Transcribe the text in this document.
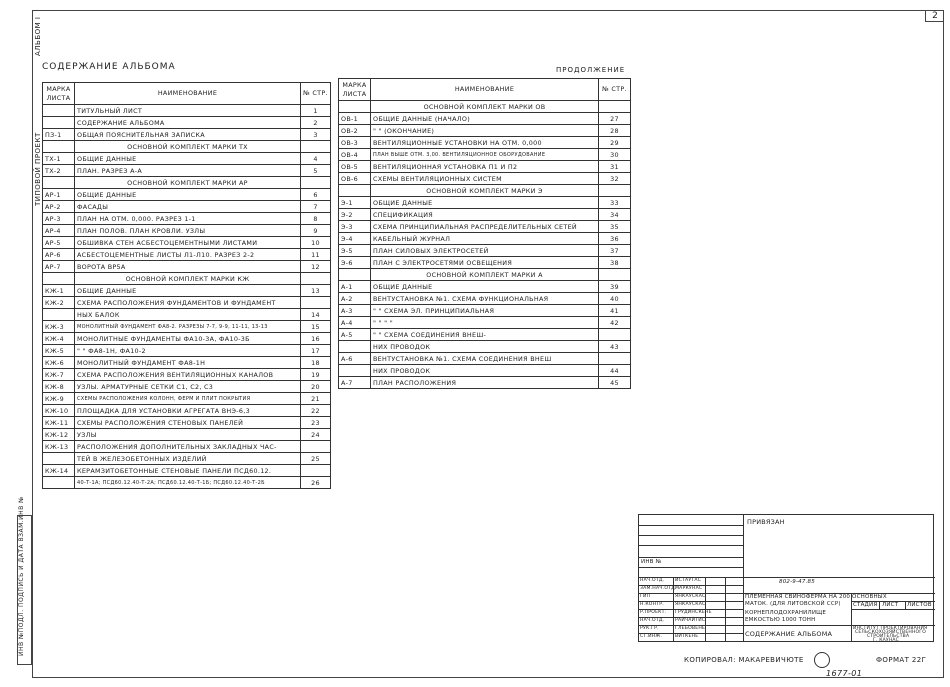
2
АЛЬБОМ I
ТИПОВОЙ ПРОЕКТ
ИНВ №ПОДЛ. ПОДПИСЬ И ДАТА ВЗАМ.ИНВ №
СОДЕРЖАНИЕ АЛЬБОМА	ПРОДОЛЖЕНИЕ
МАРКА ЛИСТА	НАИМЕНОВАНИЕ	№ СТР.
	ТИТУЛЬНЫЙ ЛИСТ	1
	СОДЕРЖАНИЕ АЛЬБОМА	2
ПЗ-1	ОБЩАЯ ПОЯСНИТЕЛЬНАЯ ЗАПИСКА	3
	ОСНОВНОЙ КОМПЛЕКТ МАРКИ ТХ	
ТХ-1	ОБЩИЕ ДАННЫЕ	4
ТХ-2	ПЛАН. РАЗРЕЗ А-А	5
	ОСНОВНОЙ КОМПЛЕКТ МАРКИ АР	
АР-1	ОБЩИЕ ДАННЫЕ	6
АР-2	ФАСАДЫ	7
АР-3	ПЛАН НА ОТМ. 0,000. РАЗРЕЗ 1-1	8
АР-4	ПЛАН ПОЛОВ. ПЛАН КРОВЛИ. УЗЛЫ	9
АР-5	ОБШИВКА СТЕН АСБЕСТОЦЕМЕНТНЫМИ ЛИСТАМИ	10
АР-6	АСБЕСТОЦЕМЕНТНЫЕ ЛИСТЫ Л1-Л10. РАЗРЕЗ 2-2	11
АР-7	ВОРОТА ВР5А	12
	ОСНОВНОЙ КОМПЛЕКТ МАРКИ КЖ	
КЖ-1	ОБЩИЕ ДАННЫЕ	13
КЖ-2	СХЕМА РАСПОЛОЖЕНИЯ ФУНДАМЕНТОВ И ФУНДАМЕНТ	
	НЫХ БАЛОК	14
КЖ-3	МОНОЛИТНЫЙ ФУНДАМЕНТ ФА8-2. РАЗРЕЗЫ 7-7, 9-9, 11-11, 13-13	15
КЖ-4	МОНОЛИТНЫЕ ФУНДАМЕНТЫ ФА10-3А, ФА10-3Б	16
КЖ-5	" " ФА8-1Н, ФА10-2	17
КЖ-6	МОНОЛИТНЫЙ ФУНДАМЕНТ ФА8-1Н	18
КЖ-7	СХЕМА РАСПОЛОЖЕНИЯ ВЕНТИЛЯЦИОННЫХ КАНАЛОВ	19
КЖ-8	УЗЛЫ. АРМАТУРНЫЕ СЕТКИ С1, С2, С3	20
КЖ-9	СХЕМЫ РАСПОЛОЖЕНИЯ КОЛОНН, ФЕРМ И ПЛИТ ПОКРЫТИЯ	21
КЖ-10	ПЛОЩАДКА ДЛЯ УСТАНОВКИ АГРЕГАТА ВНЭ-6,3	22
КЖ-11	СХЕМЫ РАСПОЛОЖЕНИЯ СТЕНОВЫХ ПАНЕЛЕЙ	23
КЖ-12	УЗЛЫ	24
КЖ-13	РАСПОЛОЖЕНИЯ ДОПОЛНИТЕЛЬНЫХ ЗАКЛАДНЫХ ЧАС-	
	ТЕЙ В ЖЕЛЕЗОБЕТОННЫХ ИЗДЕЛИЙ	25
КЖ-14	КЕРАМЗИТОБЕТОННЫЕ СТЕНОВЫЕ ПАНЕЛИ ПСД60.12.	
	40-Т-1А; ПСД60.12.40-Т-2А; ПСД60.12.40-Т-1Б; ПСД60.12.40-Т-2Б	26
МАРКА ЛИСТА	НАИМЕНОВАНИЕ	№ СТР.
	ОСНОВНОЙ КОМПЛЕКТ МАРКИ ОВ	
ОВ-1	ОБЩИЕ ДАННЫЕ (НАЧАЛО)	27
ОВ-2	" " (ОКОНЧАНИЕ)	28
ОВ-3	ВЕНТИЛЯЦИОННЫЕ УСТАНОВКИ НА ОТМ. 0,000	29
ОВ-4	ПЛАН ВЫШЕ ОТМ. 3,00. ВЕНТИЛЯЦИОННОЕ ОБОРУДОВАНИЕ	30
ОВ-5	ВЕНТИЛЯЦИОННАЯ УСТАНОВКА П1 И П2	31
ОВ-6	СХЕМЫ ВЕНТИЛЯЦИОННЫХ СИСТЕМ	32
	ОСНОВНОЙ КОМПЛЕКТ МАРКИ Э	
Э-1	ОБЩИЕ ДАННЫЕ	33
Э-2	СПЕЦИФИКАЦИЯ	34
Э-3	СХЕМА ПРИНЦИПИАЛЬНАЯ РАСПРЕДЕЛИТЕЛЬНЫХ СЕТЕЙ	35
Э-4	КАБЕЛЬНЫЙ ЖУРНАЛ	36
Э-5	ПЛАН СИЛОВЫХ ЭЛЕКТРОСЕТЕЙ	37
Э-6	ПЛАН С ЭЛЕКТРОСЕТЯМИ ОСВЕЩЕНИЯ	38
	ОСНОВНОЙ КОМПЛЕКТ МАРКИ А	
А-1	ОБЩИЕ ДАННЫЕ	39
А-2	ВЕНТУСТАНОВКА №1. СХЕМА ФУНКЦИОНАЛЬНАЯ	40
А-3	" " СХЕМА ЭЛ. ПРИНЦИПИАЛЬНАЯ	41
А-4	" " " "	42
А-5	" " СХЕМА СОЕДИНЕНИЯ ВНЕШ-	
	НИХ ПРОВОДОК	43
А-6	ВЕНТУСТАНОВКА №1. СХЕМА СОЕДИНЕНИЯ ВНЕШ	
	НИХ ПРОВОДОК	44
А-7	ПЛАН РАСПОЛОЖЕНИЯ	45
ПРИВЯЗАН
ИНВ №
802-9-47.85
ПЛЕМЕННАЯ СВИНОФЕРМА НА 200 ОСНОВНЫХ
МАТОК. (ДЛЯ ЛИТОВСКОЙ ССР)
КОРНЕПЛОДОХРАНИЛИЩЕ
ЕМКОСТЬЮ 1000 ТОНН
СОДЕРЖАНИЕ АЛЬБОМА
СТАДИЯ ЛИСТ ЛИСТОВ
ИНСТИТУТ ПРОЕКТИРОВАНИЯ
СЕЛЬСКОХОЗЯЙСТВЕННОГО
СТРОИТЕЛЬСТВА
Г. КАУНАС
НАЧ.ОТД. ИСТАУТАС
ЗАМ.НАЧ.ОТД.
МАРКУНАС
ГИП	ЯНКАУСКАС
Н.КОНТР. ЯНКАУСКАС
Р.ПРОЕКТ. ГРУДИНСКЕНЕ
НАЧ.ОТД. РАЙЧАЙТИС
РУК.ГР.	ГЛЕБОВЕНЕ
СТ.ИНЖ.	ВИТКЕНЕ
КОПИРОВАЛ: МАКАРЕВИЧЮТЕ	ФОРМАТ 22Г
1677-01
